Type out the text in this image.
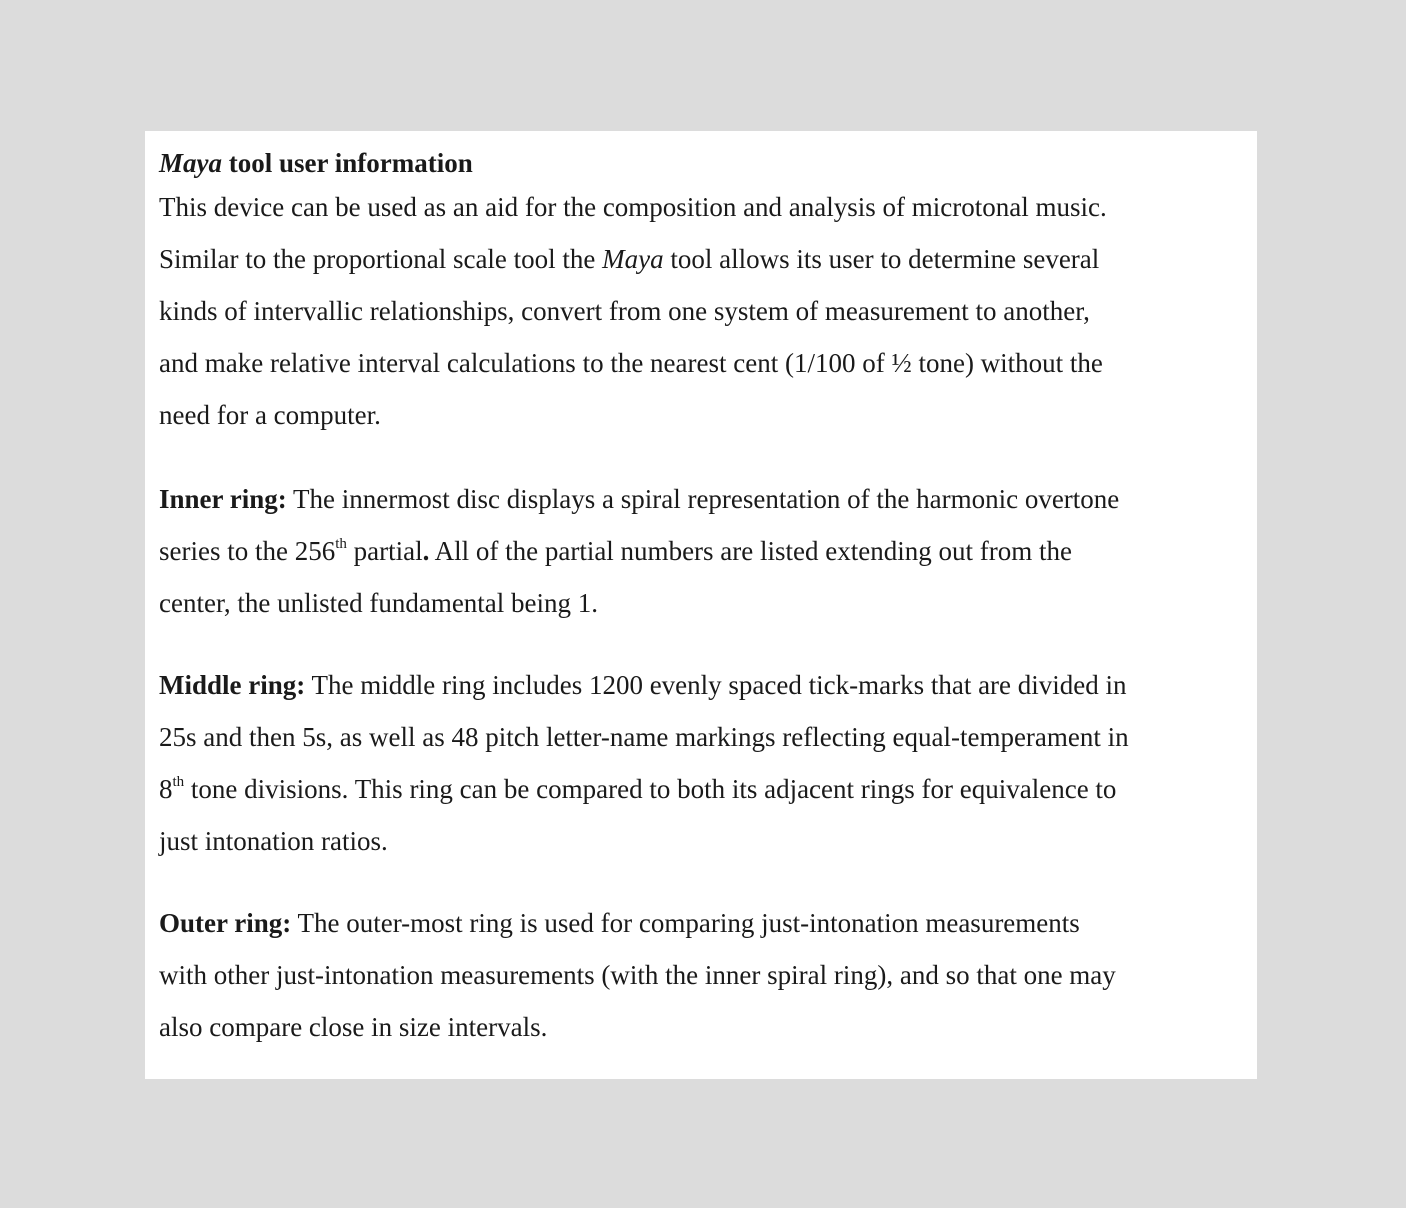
Maya tool user information
This device can be used as an aid for the composition and analysis of microtonal music.
Similar to the proportional scale tool the Maya tool allows its user to determine several
kinds of intervallic relationships, convert from one system of measurement to another,
and make relative interval calculations to the nearest cent (1/100 of ½ tone) without the
need for a computer.
Inner ring: The innermost disc displays a spiral representation of the harmonic overtone
series to the 256th partial. All of the partial numbers are listed extending out from the
center, the unlisted fundamental being 1.
Middle ring: The middle ring includes 1200 evenly spaced tick-marks that are divided in
25s and then 5s, as well as 48 pitch letter-name markings reflecting equal-temperament in
8th tone divisions. This ring can be compared to both its adjacent rings for equivalence to
just intonation ratios.
Outer ring: The outer-most ring is used for comparing just-intonation measurements
with other just-intonation measurements (with the inner spiral ring), and so that one may
also compare close in size intervals.
